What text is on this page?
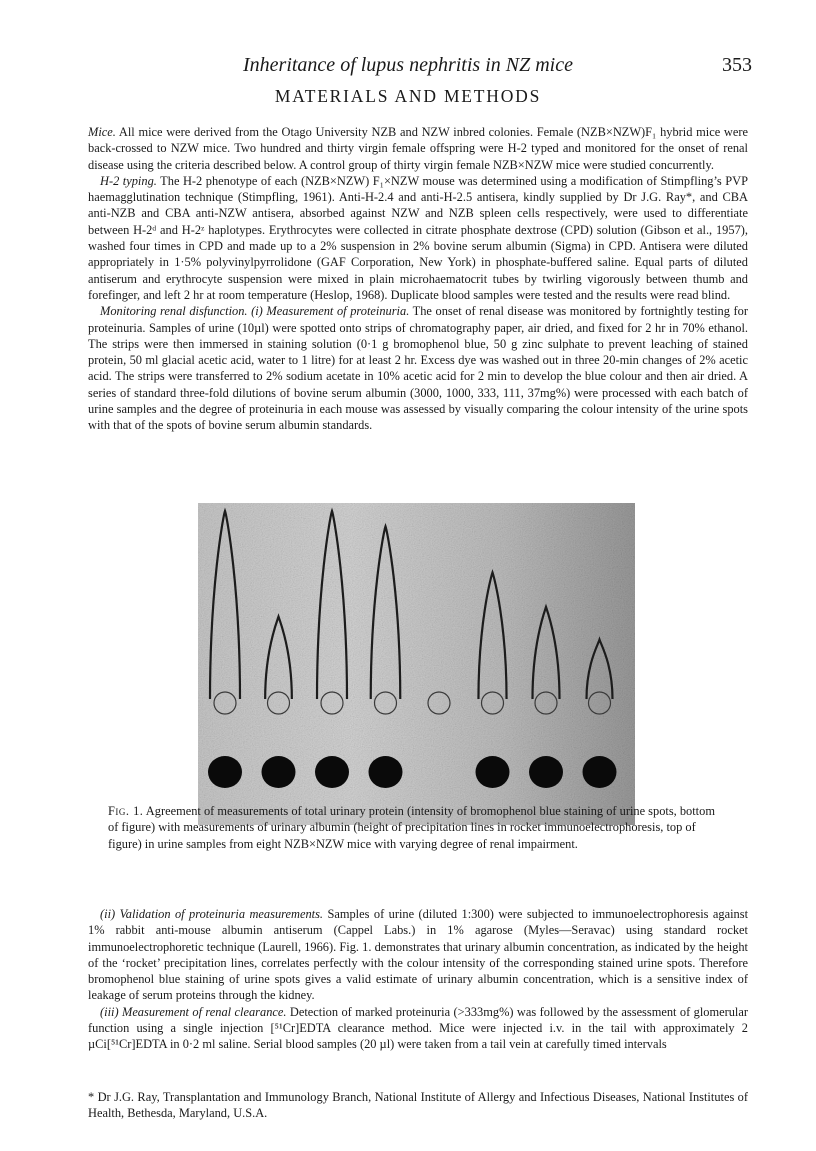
Inheritance of lupus nephritis in NZ mice	353
MATERIALS AND METHODS

Mice. All mice were derived from the Otago University NZB and NZW inbred colonies. Female (NZB×NZW)F₁ hybrid mice were back-crossed to NZW mice. Two hundred and thirty virgin female offspring were H-2 typed and monitored for the onset of renal disease using the criteria described below. A control group of thirty virgin female NZB×NZW mice were studied concurrently.

H-2 typing. The H-2 phenotype of each (NZB×NZW) F₁×NZW mouse was determined using a modification of Stimpfling’s PVP haemagglutination technique (Stimpfling, 1961). Anti-H-2.4 and anti-H-2.5 antisera, kindly supplied by Dr J.G. Ray*, and CBA anti-NZB and CBA anti-NZW antisera, absorbed against NZW and NZB spleen cells respectively, were used to differentiate between H-2ᵈ and H-2ᶻ haplotypes. Erythrocytes were collected in citrate phosphate dextrose (CPD) solution (Gibson et al., 1957), washed four times in CPD and made up to a 2% suspension in 2% bovine serum albumin (Sigma) in CPD. Antisera were diluted appropriately in 1·5% polyvinylpyrrolidone (GAF Corporation, New York) in phosphate-buffered saline. Equal parts of diluted antiserum and erythrocyte suspension were mixed in plain microhaematocrit tubes by twirling vigorously between thumb and forefinger, and left 2 hr at room temperature (Heslop, 1968). Duplicate blood samples were tested and the results were read blind.

Monitoring renal disfunction. (i) Measurement of proteinuria. The onset of renal disease was monitored by fortnightly testing for proteinuria. Samples of urine (10µl) were spotted onto strips of chromatography paper, air dried, and fixed for 2 hr in 70% ethanol. The strips were then immersed in staining solution (0·1 g bromophenol blue, 50 g zinc sulphate to prevent leaching of stained protein, 50 ml glacial acetic acid, water to 1 litre) for at least 2 hr. Excess dye was washed out in three 20-min changes of 2% acetic acid. The strips were transferred to 2% sodium acetate in 10% acetic acid for 2 min to develop the blue colour and then air dried. A series of standard three-fold dilutions of bovine serum albumin (3000, 1000, 333, 111, 37mg%) were processed with each batch of urine samples and the degree of proteinuria in each mouse was assessed by visually comparing the colour intensity of the urine spots with that of the spots of bovine serum albumin standards.

Fig. 1. Agreement of measurements of total urinary protein (intensity of bromophenol blue staining of urine spots, bottom of figure) with measurements of urinary albumin (height of precipitation lines in rocket immunoelectrophoresis, top of figure) in urine samples from eight NZB×NZW mice with varying degree of renal impairment.

(ii) Validation of proteinuria measurements. Samples of urine (diluted 1:300) were subjected to immunoelectrophoresis against 1% rabbit anti-mouse albumin antiserum (Cappel Labs.) in 1% agarose (Myles—Seravac) using standard rocket immunoelectrophoretic technique (Laurell, 1966). Fig. 1. demonstrates that urinary albumin concentration, as indicated by the height of the ‘rocket’ precipitation lines, correlates perfectly with the colour intensity of the corresponding stained urine spots. Therefore bromophenol blue staining of urine spots gives a valid estimate of urinary albumin concentration, which is a sensitive index of leakage of serum proteins through the kidney.

(iii) Measurement of renal clearance. Detection of marked proteinuria (>333mg%) was followed by the assessment of glomerular function using a single injection [⁵¹Cr]EDTA clearance method. Mice were injected i.v. in the tail with approximately 2 µCi[⁵¹Cr]EDTA in 0·2 ml saline. Serial blood samples (20 µl) were taken from a tail vein at carefully timed intervals

* Dr J.G. Ray, Transplantation and Immunology Branch, National Institute of Allergy and Infectious Diseases, National Institutes of Health, Bethesda, Maryland, U.S.A.
